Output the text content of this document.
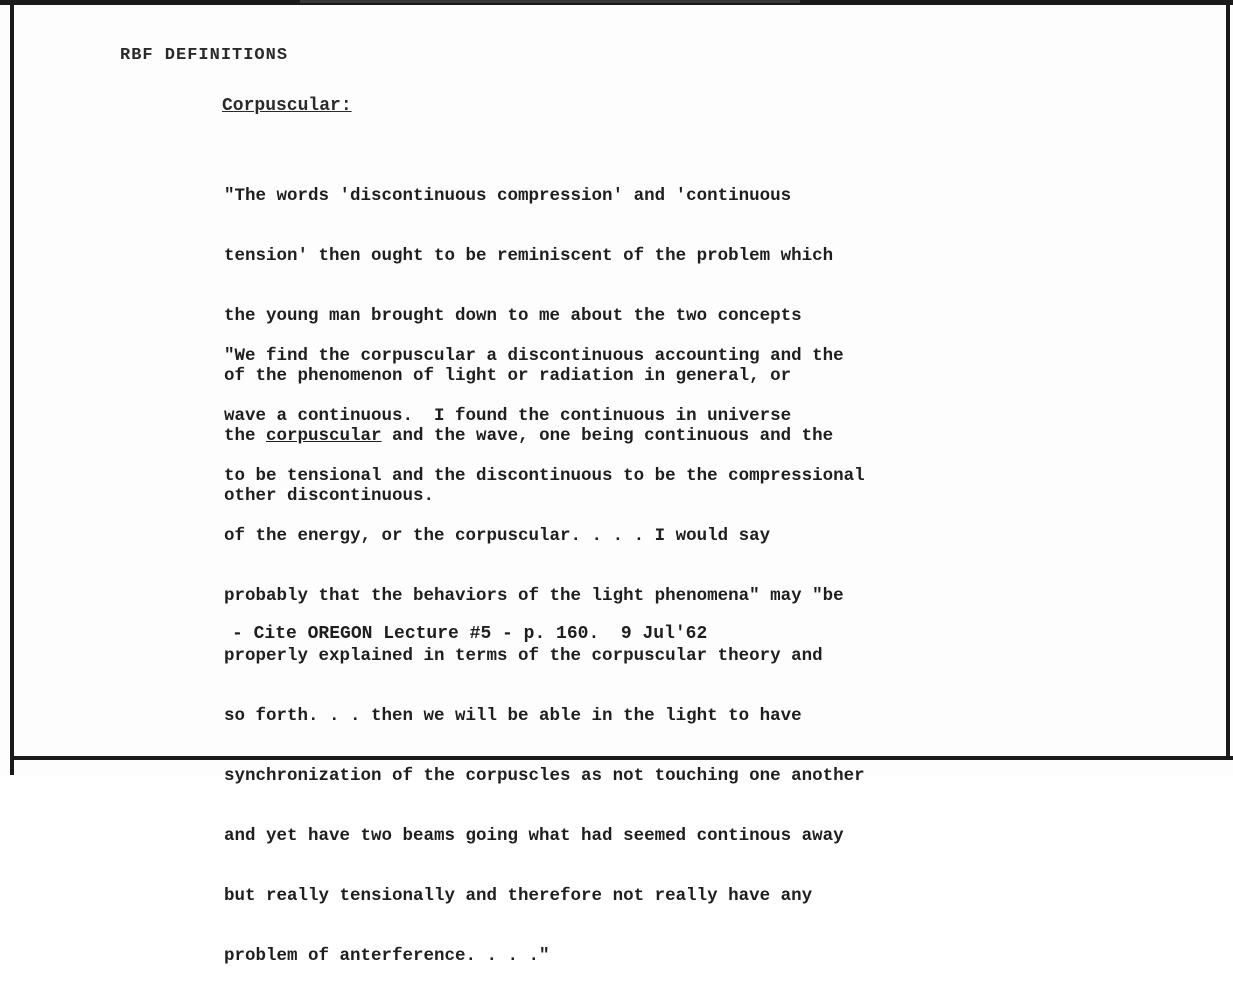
RBF DEFINITIONS
Corpuscular:

"The words 'discontinuous compression' and 'continuous

tension' then ought to be reminiscent of the problem which

the young man brought down to me about the two concepts

of the phenomenon of light or radiation in general, or

the corpuscular and the wave, one being continuous and the

other discontinuous.

"We find the corpuscular a discontinuous accounting and the

wave a continuous.  I found the continuous in universe

to be tensional and the discontinuous to be the compressional

of the energy, or the corpuscular. . . . I would say

probably that the behaviors of the light phenomena" may "be

properly explained in terms of the corpuscular theory and

so forth. . . then we will be able in the light to have

synchronization of the corpuscles as not touching one another

and yet have two beams going what had seemed continous away

but really tensionally and therefore not really have any

problem of anterference. . . ."

- Cite OREGON Lecture #5 - p. 160.  9 Jul'62
